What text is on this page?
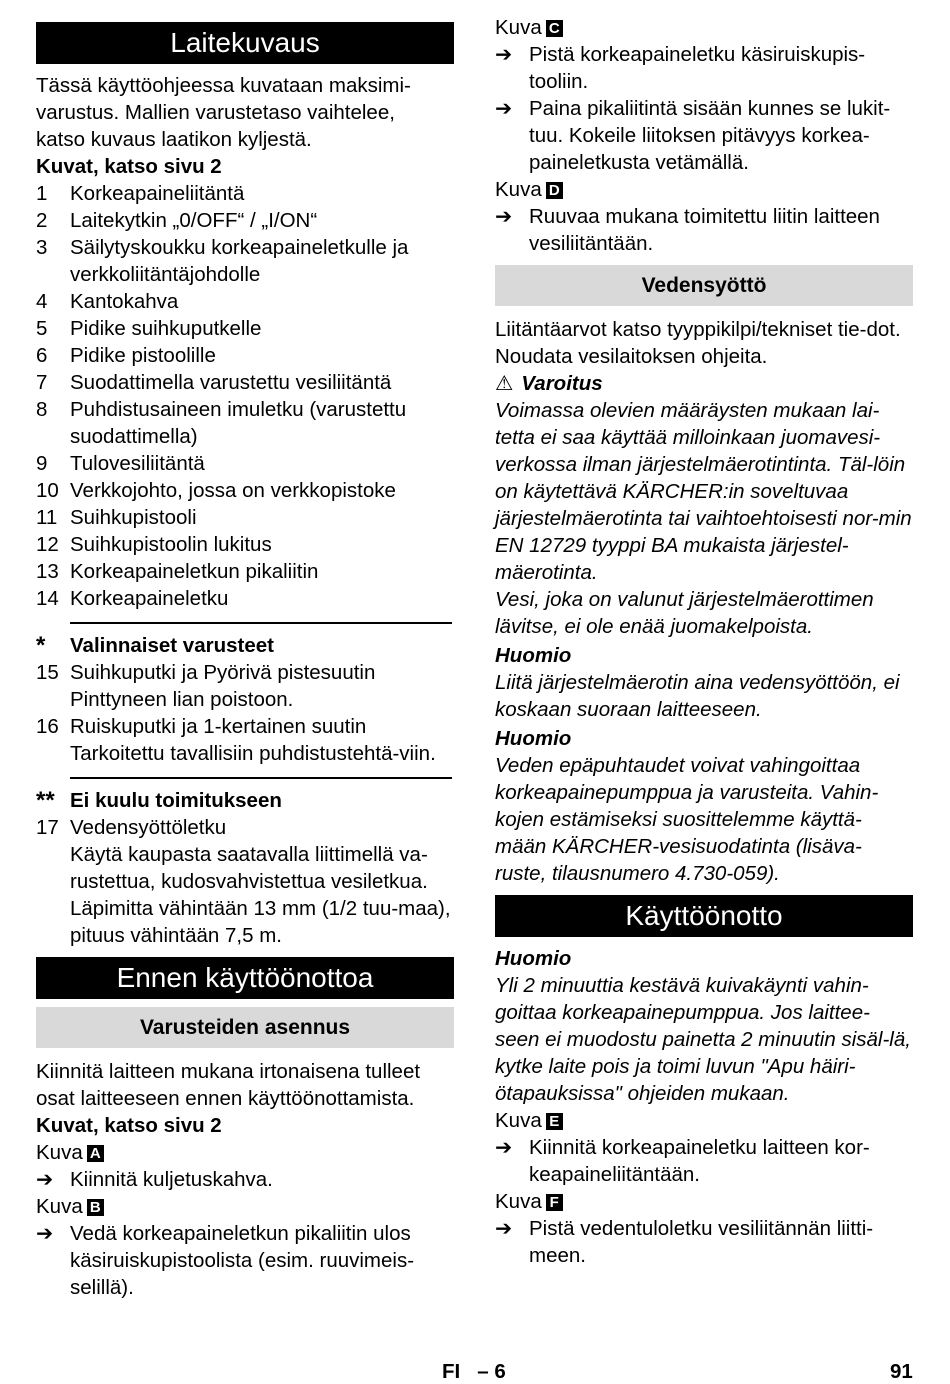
Laitekuvaus

Tässä käyttöohjeessa kuvataan maksimi-

varustus. Mallien varustetaso vaihtelee,

katso kuvaus laatikon kyljestä.

Kuvat, katso sivu 2

1	Korkeapaineliitäntä
2	Laitekytkin „0/OFF“ / „I/ON“
3	Säilytyskoukku korkeapaineletkulle ja verkkoliitäntäjohdolle
4	Kantokahva
5	Pidike suihkuputkelle
6	Pidike pistoolille
7	Suodattimella varustettu vesiliitäntä
8	Puhdistusaineen imuletku (varustettu suodattimella)
9	Tulovesiliitäntä
10 Verkkojohto, jossa on verkkopistoke
11 Suihkupistooli
12 Suihkupistoolin lukitus
13 Korkeapaineletkun pikaliitin
14 Korkeapaineletku
*	Valinnaiset varusteet
15 Suihkuputki ja Pyörivä pistesuutin
Pinttyneen lian poistoon.
16 Ruiskuputki ja 1-kertainen suutin
Tarkoitettu tavallisiin puhdistustehtä-viin.
** Ei kuulu toimitukseen
17 Vedensyöttöletku
Käytä kaupasta saatavalla liittimellä va-rustettua, kudosvahvistettua vesiletkua. Läpimitta vähintään 13 mm (1/2 tuu-maa), pituus vähintään 7,5 m.
Ennen käyttöönottoa
Varusteiden asennus

Kiinnitä laitteen mukana irtonaisena tulleet osat laitteeseen ennen käyttöönottamista.

Kuvat, katso sivu 2

Kuva A

➔ Kiinnitä kuljetuskahva.

Kuva B

➔ Vedä korkeapaineletkun pikaliitin ulos käsiruiskupistoolista (esim. ruuvimeis-selillä).

Kuva C

➔ Pistä korkeapaineletku käsiruiskupis-tooliin.
➔ Paina pikaliitintä sisään kunnes se lukit-tuu. Kokeile liitoksen pitävyys korkea-paineletkusta vetämällä.

Kuva D

➔ Ruuvaa mukana toimitettu liitin laitteen vesiliitäntään.
Vedensyöttö

Liitäntäarvot katso tyyppikilpi/tekniset tie-dot.

Noudata vesilaitoksen ohjeita.

⚠ Varoitus

Voimassa olevien määräysten mukaan lai-tetta ei saa käyttää milloinkaan juomavesi-verkossa ilman järjestelmäerotintinta. Täl-löin on käytettävä KÄRCHER:in soveltuvaa järjestelmäerotinta tai vaihtoehtoisesti nor-min EN 12729 tyyppi BA mukaista järjestel-mäerotinta.

Vesi, joka on valunut järjestelmäerottimen lävitse, ei ole enää juomakelpoista.

Huomio

Liitä järjestelmäerotin aina vedensyöttöön, ei koskaan suoraan laitteeseen.

Huomio

Veden epäpuhtaudet voivat vahingoittaa korkeapainepumppua ja varusteita. Vahin-kojen estämiseksi suosittelemme käyttä-mään KÄRCHER-vesisuodatinta (lisäva-ruste, tilausnumero 4.730-059).

Käyttöönotto

Huomio

Yli 2 minuuttia kestävä kuivakäynti vahin-goittaa korkeapainepumppua. Jos laittee-seen ei muodostu painetta 2 minuutin sisäl-lä, kytke laite pois ja toimi luvun "Apu häiri-ötapauksissa" ohjeiden mukaan.

Kuva E

➔ Kiinnitä korkeapaineletku laitteen kor-keapaineliitäntään.

Kuva F

➔ Pistä vedentuloletku vesiliitännän liitti-meen.
FI   – 6	91
